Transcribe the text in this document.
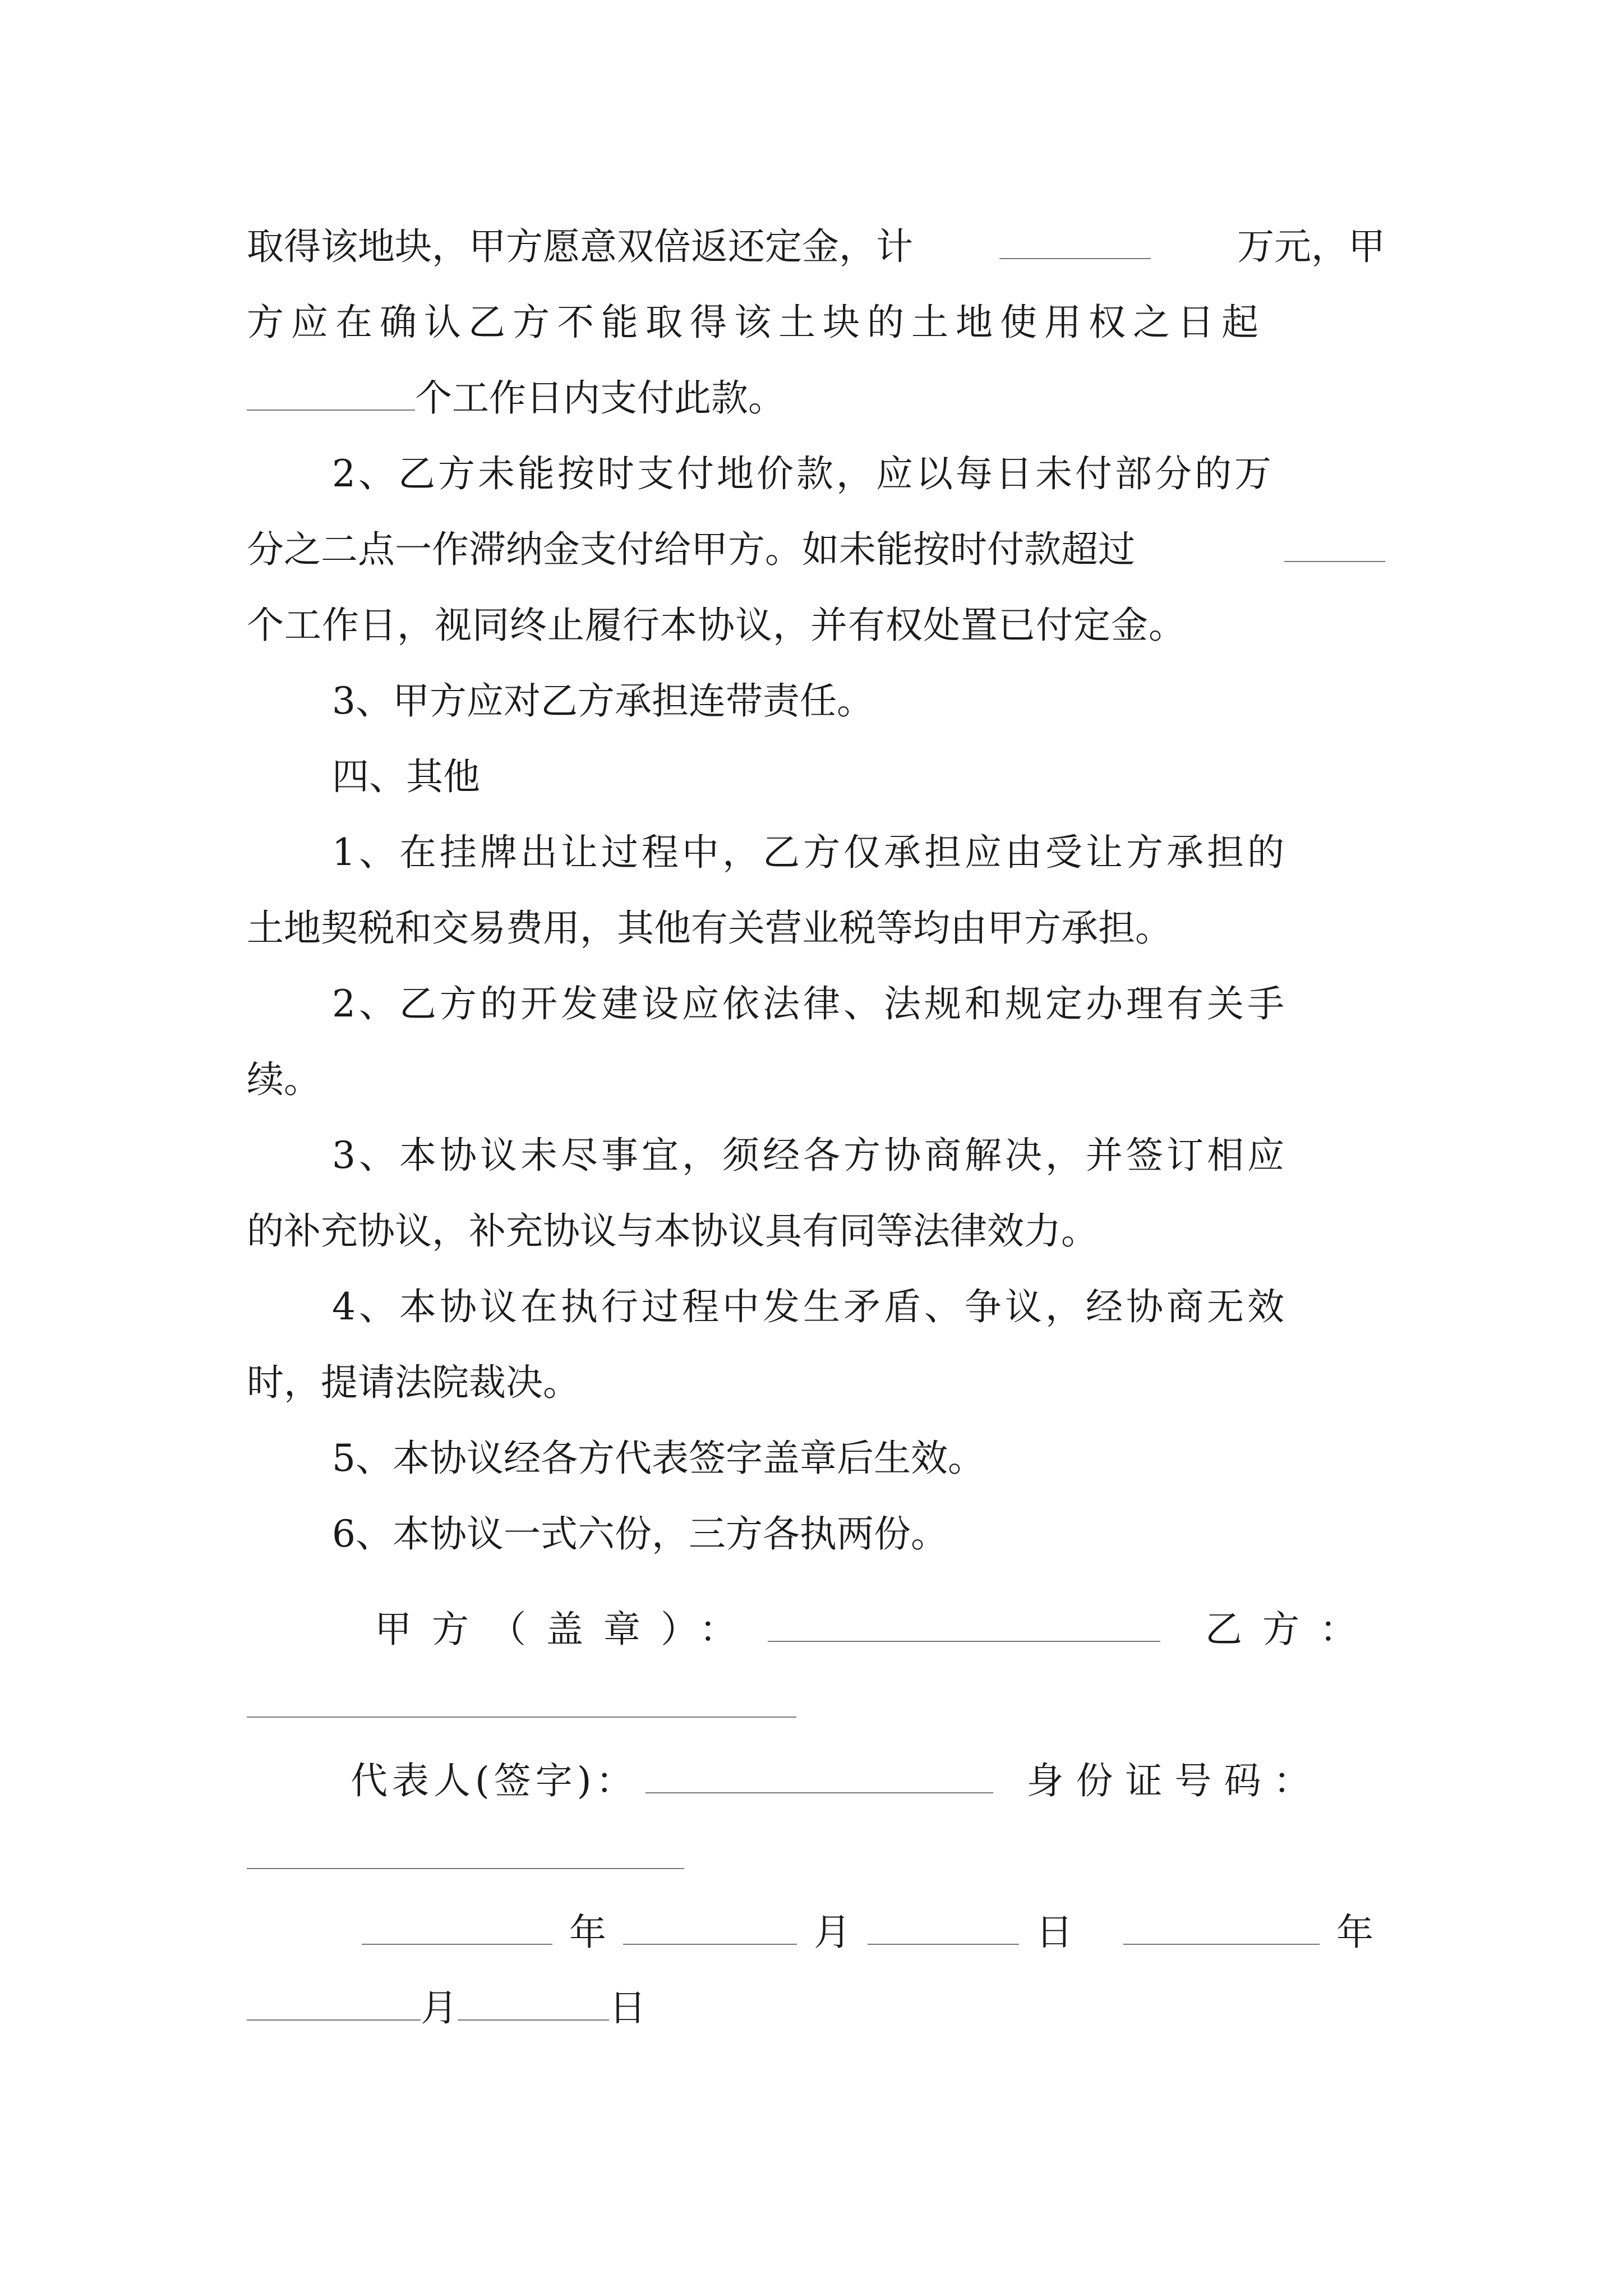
取得该地块，甲方愿意双倍返还定金，计	万元，甲
方应在确认乙方不能取得该土块的土地使用权之日起
个工作日内支付此款。
2、乙方未能按时支付地价款，应以每日未付部分的万
分之二点一作滞纳金支付给甲方。如未能按时付款超过
个工作日，视同终止履行本协议，并有权处置已付定金。
3、甲方应对乙方承担连带责任。
四、其他
1、在挂牌出让过程中，乙方仅承担应由受让方承担的
土地契税和交易费用，其他有关营业税等均由甲方承担。
2、乙方的开发建设应依法律、法规和规定办理有关手
续。
3、本协议未尽事宜，须经各方协商解决，并签订相应
的补充协议，补充协议与本协议具有同等法律效力。
4、本协议在执行过程中发生矛盾、争议，经协商无效
时，提请法院裁决。
5、本协议经各方代表签字盖章后生效。
6、本协议一式六份，三方各执两份。
甲方（盖章）：	乙方：
代表人(签字)：	身份证号码：
年	月	日	年
月	日
